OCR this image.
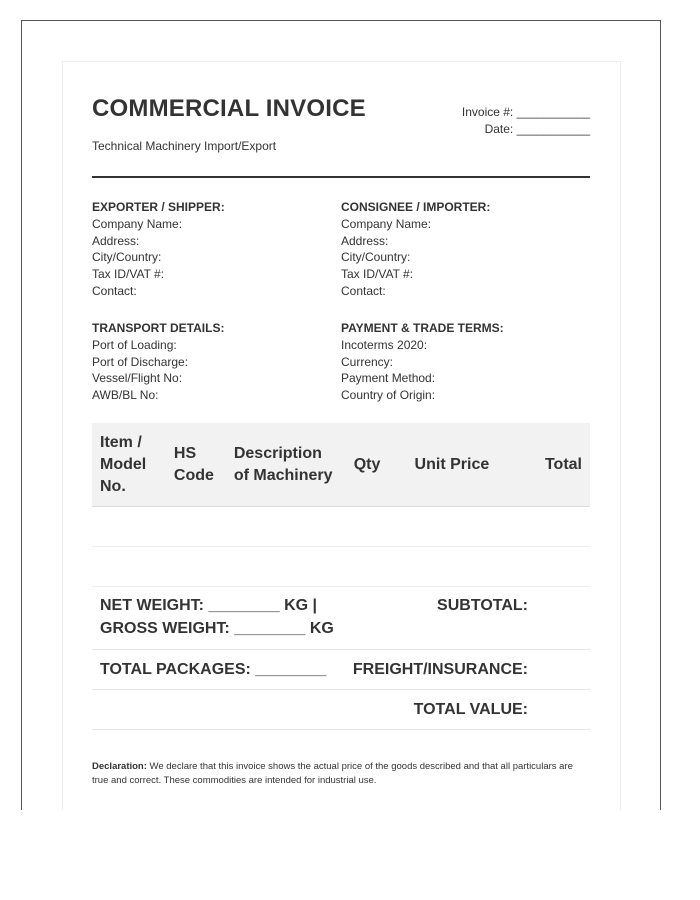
COMMERCIAL INVOICE
Technical Machinery Import/Export
Invoice #: ___________
Date: ___________
EXPORTER / SHIPPER:
Company Name:
Address:
City/Country:
Tax ID/VAT #:
Contact:
CONSIGNEE / IMPORTER:
Company Name:
Address:
City/Country:
Tax ID/VAT #:
Contact:
TRANSPORT DETAILS:
Port of Loading:
Port of Discharge:
Vessel/Flight No:
AWB/BL No:
PAYMENT & TRADE TERMS:
Incoterms 2020:
Currency:
Payment Method:
Country of Origin:
Item / Model No.	HS Code	Description of Machinery	Qty	Unit Price	Total

NET WEIGHT: ________ KG |
GROSS WEIGHT: ________ KG	SUBTOTAL:
TOTAL PACKAGES: ________	FREIGHT/INSURANCE:
	TOTAL VALUE:
Declaration: We declare that this invoice shows the actual price of the goods described and that all particulars are true and correct. These commodities are intended for industrial use.
